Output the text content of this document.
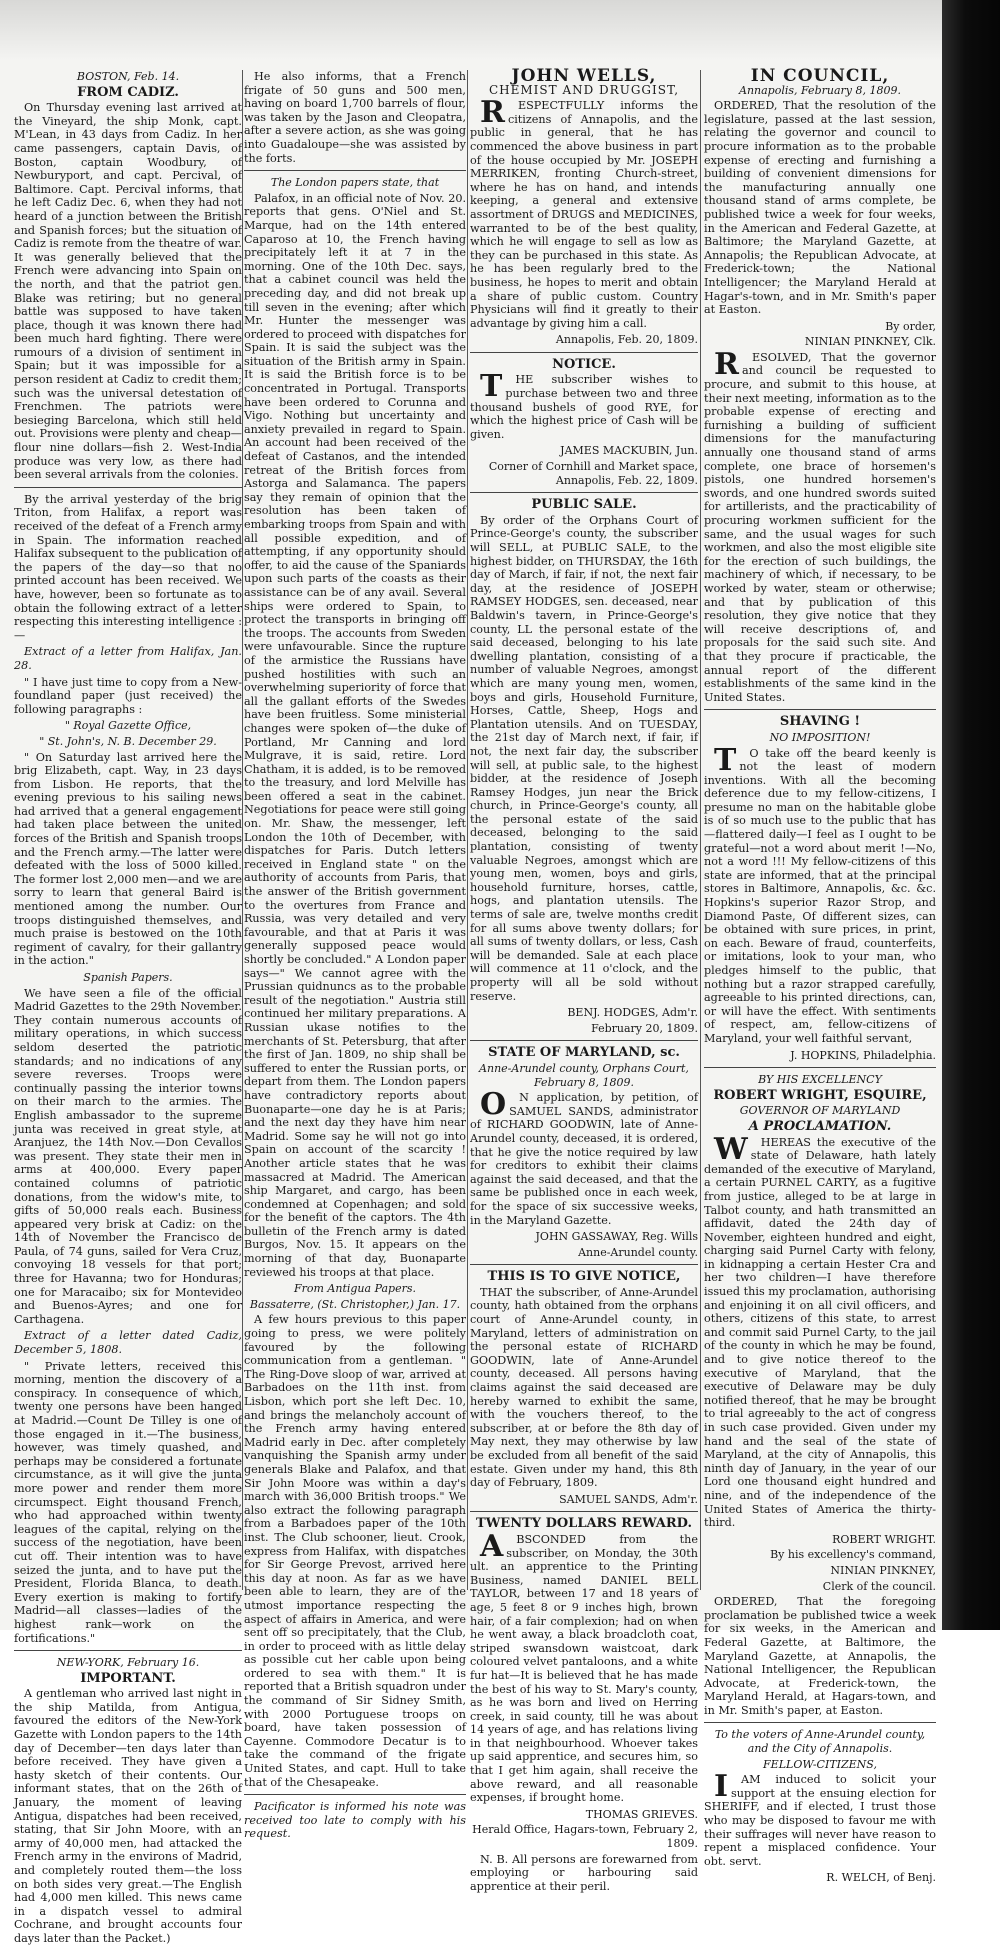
BOSTON, Feb. 14.
FROM CADIZ.

On Thursday evening last arrived at the Vineyard, the ship Monk, capt. M'Lean, in 43 days from Cadiz. In her came passengers, captain Davis, of Boston, captain Woodbury, of Newburyport, and capt. Percival, of Baltimore. Capt. Percival informs, that he left Cadiz Dec. 6, when they had not heard of a junction between the British and Spanish forces; but the situation of Cadiz is remote from the theatre of war. It was generally believed that the French were advancing into Spain on the north, and that the patriot gen. Blake was retiring; but no general battle was supposed to have taken place, though it was known there had been much hard fighting. There were rumours of a division of sentiment in Spain; but it was impossible for a person resident at Cadiz to credit them; such was the universal detestation of Frenchmen. The patriots were besieging Barcelona, which still held out. Provisions were plenty and cheap—flour nine dollars—fish 2. West-India produce was very low, as there had been several arrivals from the colonies.

By the arrival yesterday of the brig Triton, from Halifax, a report was received of the defeat of a French army in Spain. The information reached Halifax subsequent to the publication of the papers of the day—so that no printed account has been received. We have, however, been so fortunate as to obtain the following extract of a letter respecting this interesting intelligence :—

Extract of a letter from Halifax, Jan. 28.

" I have just time to copy from a New-foundland paper (just received) the following paragraphs :

" Royal Gazette Office,
" St. John's, N. B. December 29.

" On Saturday last arrived here the brig Elizabeth, capt. Way, in 23 days from Lisbon. He reports, that the evening previous to his sailing news had arrived that a general engagement had taken place between the united forces of the British and Spanish troops and the French army.—The latter were defeated with the loss of 5000 killed. The former lost 2,000 men—and we are sorry to learn that general Baird is mentioned among the number. Our troops distinguished themselves, and much praise is bestowed on the 10th regiment of cavalry, for their gallantry in the action."

Spanish Papers.

We have seen a file of the official Madrid Gazettes to the 29th November. They contain numerous accounts of military operations, in which success seldom deserted the patriotic standards; and no indications of any severe reverses. Troops were continually passing the interior towns on their march to the armies. The English ambassador to the supreme junta was received in great style, at Aranjuez, the 14th Nov.—Don Cevallos was present. They state their men in arms at 400,000. Every paper contained columns of patriotic donations, from the widow's mite, to gifts of 50,000 reals each. Business appeared very brisk at Cadiz: on the 14th of November the Francisco de Paula, of 74 guns, sailed for Vera Cruz, convoying 18 vessels for that port; three for Havanna; two for Honduras; one for Maracaibo; six for Montevideo and Buenos-Ayres; and one for Carthagena.

Extract of a letter dated Cadiz, December 5, 1808.

" Private letters, received this morning, mention the discovery of a conspiracy. In consequence of which, twenty one persons have been hanged at Madrid.—Count De Tilley is one of those engaged in it.—The business, however, was timely quashed, and perhaps may be considered a fortunate circumstance, as it will give the junta more power and render them more circumspect. Eight thousand French, who had approached within twenty leagues of the capital, relying on the success of the negotiation, have been cut off. Their intention was to have seized the junta, and to have put the President, Florida Blanca, to death. Every exertion is making to fortify Madrid—all classes—ladies of the highest rank—work on the fortifications."

NEW-YORK, February 16.
IMPORTANT.

A gentleman who arrived last night in the ship Matilda, from Antigua, favoured the editors of the New-York Gazette with London papers to the 14th day of December—ten days later than before received. They have given a hasty sketch of their contents. Our informant states, that on the 26th of January, the moment of leaving Antigua, dispatches had been received, stating, that Sir John Moore, with an army of 40,000 men, had attacked the French army in the environs of Madrid, and completely routed them—the loss on both sides very great.—The English had 4,000 men killed. This news came in a dispatch vessel to admiral Cochrane, and brought accounts four days later than the Packet.)

He also informs, that a French frigate of 50 guns and 500 men, having on board 1,700 barrels of flour, was taken by the Jason and Cleopatra, after a severe action, as she was going into Guadaloupe—she was assisted by the forts.

The London papers state, that

Palafox, in an official note of Nov. 20. reports that gens. O'Niel and St. Marque, had on the 14th entered Caparoso at 10, the French having precipitately left it at 7 in the morning. One of the 10th Dec. says, that a cabinet council was held the preceding day, and did not break up till seven in the evening; after which Mr. Hunter the messenger was ordered to proceed with dispatches for Spain. It is said the subject was the situation of the British army in Spain. It is said the British force is to be concentrated in Portugal. Transports have been ordered to Corunna and Vigo. Nothing but uncertainty and anxiety prevailed in regard to Spain. An account had been received of the defeat of Castanos, and the intended retreat of the British forces from Astorga and Salamanca. The papers say they remain of opinion that the resolution has been taken of embarking troops from Spain and with all possible expedition, and of attempting, if any opportunity should offer, to aid the cause of the Spaniards upon such parts of the coasts as their assistance can be of any avail. Several ships were ordered to Spain, to protect the transports in bringing off the troops. The accounts from Sweden were unfavourable. Since the rupture of the armistice the Russians have pushed hostilities with such an overwhelming superiority of force that all the gallant efforts of the Swedes have been fruitless. Some ministerial changes were spoken of—the duke of Portland, Mr Canning and lord Mulgrave, it is said, retire. Lord Chatham, it is added, is to be removed to the treasury, and lord Melville has been offered a seat in the cabinet. Negotiations for peace were still going on. Mr. Shaw, the messenger, left London the 10th of December, with dispatches for Paris. Dutch letters received in England state " on the authority of accounts from Paris, that the answer of the British government to the overtures from France and Russia, was very detailed and very favourable, and that at Paris it was generally supposed peace would shortly be concluded." A London paper says—" We cannot agree with the Prussian quidnuncs as to the probable result of the negotiation." Austria still continued her military preparations. A Russian ukase notifies to the merchants of St. Petersburg, that after the first of Jan. 1809, no ship shall be suffered to enter the Russian ports, or depart from them. The London papers have contradictory reports about Buonaparte—one day he is at Paris; and the next day they have him near Madrid. Some say he will not go into Spain on account of the scarcity ! Another article states that he was massacred at Madrid. The American ship Margaret, and cargo, has been condemned at Copenhagen; and sold for the benefit of the captors. The 4th bulletin of the French army is dated Burgos, Nov. 15. It appears on the morning of that day, Buonaparte reviewed his troops at that place.

From Antigua Papers.
Bassaterre, (St. Christopher,) Jan. 17.

A few hours previous to this paper going to press, we were politely favoured by the following communication from a gentleman. " The Ring-Dove sloop of war, arrived at Barbadoes on the 11th inst. from Lisbon, which port she left Dec. 10, and brings the melancholy account of the French army having entered Madrid early in Dec. after completely vanquishing the Spanish army under generals Blake and Palafox, and that Sir John Moore was within a day's march with 36,000 British troops." We also extract the following paragraph from a Barbadoes paper of the 10th inst. The Club schooner, lieut. Crook, express from Halifax, with dispatches for Sir George Prevost, arrived here this day at noon. As far as we have been able to learn, they are of the utmost importance respecting the aspect of affairs in America, and were sent off so precipitately, that the Club, in order to proceed with as little delay as possible cut her cable upon being ordered to sea with them." It is reported that a British squadron under the command of Sir Sidney Smith, with 2000 Portuguese troops on board, have taken possession of Cayenne. Commodore Decatur is to take the command of the frigate United States, and capt. Hull to take that of the Chesapeake.

Pacificator is informed his note was received too late to comply with his request.

JOHN WELLS,
CHEMIST AND DRUGGIST,

R ESPECTFULLY informs the citizens of Annapolis, and the public in general, that he has commenced the above business in part of the house occupied by Mr. JOSEPH MERRIKEN, fronting Church-street, where he has on hand, and intends keeping, a general and extensive assortment of DRUGS and MEDICINES, warranted to be of the best quality, which he will engage to sell as low as they can be purchased in this state. As he has been regularly bred to the business, he hopes to merit and obtain a share of public custom. Country Physicians will find it greatly to their advantage by giving him a call.

Annapolis, Feb. 20, 1809.
NOTICE.

T HE subscriber wishes to purchase between two and three thousand bushels of good RYE, for which the highest price of Cash will be given.

JAMES MACKUBIN, Jun.
Corner of Cornhill and Market space, Annapolis, Feb. 22, 1809.
PUBLIC SALE.

By order of the Orphans Court of Prince-George's county, the subscriber will SELL, at PUBLIC SALE, to the highest bidder, on THURSDAY, the 16th day of March, if fair, if not, the next fair day, at the residence of JOSEPH RAMSEY HODGES, sen. deceased, near Baldwin's tavern, in Prince-George's county, LL the personal estate of the said deceased, belonging to his late dwelling plantation, consisting of a number of valuable Negroes, amongst which are many young men, women, boys and girls, Household Furniture, Horses, Cattle, Sheep, Hogs and Plantation utensils. And on TUESDAY, the 21st day of March next, if fair, if not, the next fair day, the subscriber will sell, at public sale, to the highest bidder, at the residence of Joseph Ramsey Hodges, jun near the Brick church, in Prince-George's county, all the personal estate of the said deceased, belonging to the said plantation, consisting of twenty valuable Negroes, amongst which are young men, women, boys and girls, household furniture, horses, cattle, hogs, and plantation utensils. The terms of sale are, twelve months credit for all sums above twenty dollars; for all sums of twenty dollars, or less, Cash will be demanded. Sale at each place will commence at 11 o'clock, and the property will all be sold without reserve.

BENJ. HODGES, Adm'r.
February 20, 1809.
STATE OF MARYLAND, sc.
Anne-Arundel county, Orphans Court, February 8, 1809.

O N application, by petition, of SAMUEL SANDS, administrator of RICHARD GOODWIN, late of Anne-Arundel county, deceased, it is ordered, that he give the notice required by law for creditors to exhibit their claims against the said deceased, and that the same be published once in each week, for the space of six successive weeks, in the Maryland Gazette.

JOHN GASSAWAY, Reg. Wills
Anne-Arundel county.
THIS IS TO GIVE NOTICE,

THAT the subscriber, of Anne-Arundel county, hath obtained from the orphans court of Anne-Arundel county, in Maryland, letters of administration on the personal estate of RICHARD GOODWIN, late of Anne-Arundel county, deceased. All persons having claims against the said deceased are hereby warned to exhibit the same, with the vouchers thereof, to the subscriber, at or before the 8th day of May next, they may otherwise by law be excluded from all benefit of the said estate. Given under my hand, this 8th day of February, 1809.

SAMUEL SANDS, Adm'r.
TWENTY DOLLARS REWARD.

A BSCONDED from the subscriber, on Monday, the 30th ult. an apprentice to the Printing Business, named DANIEL BELL TAYLOR, between 17 and 18 years of age, 5 feet 8 or 9 inches high, brown hair, of a fair complexion; had on when he went away, a black broadcloth coat, striped swansdown waistcoat, dark coloured velvet pantaloons, and a white fur hat—It is believed that he has made the best of his way to St. Mary's county, as he was born and lived on Herring creek, in said county, till he was about 14 years of age, and has relations living in that neighbourhood. Whoever takes up said apprentice, and secures him, so that I get him again, shall receive the above reward, and all reasonable expenses, if brought home.

THOMAS GRIEVES.
Herald Office, Hagars-town, February 2, 1809.

N. B. All persons are forewarned from employing or harbouring said apprentice at their peril.

IN COUNCIL,
Annapolis, February 8, 1809.

ORDERED, That the resolution of the legislature, passed at the last session, relating the governor and council to procure information as to the probable expense of erecting and furnishing a building of convenient dimensions for the manufacturing annually one thousand stand of arms complete, be published twice a week for four weeks, in the American and Federal Gazette, at Baltimore; the Maryland Gazette, at Annapolis; the Republican Advocate, at Frederick-town; the National Intelligencer; the Maryland Herald at Hagar's-town, and in Mr. Smith's paper at Easton.

By order,
NINIAN PINKNEY, Clk.

R ESOLVED, That the governor and council be requested to procure, and submit to this house, at their next meeting, information as to the probable expense of erecting and furnishing a building of sufficient dimensions for the manufacturing annually one thousand stand of arms complete, one brace of horsemen's pistols, one hundred horsemen's swords, and one hundred swords suited for artillerists, and the practicability of procuring workmen sufficient for the same, and the usual wages for such workmen, and also the most eligible site for the erection of such buildings, the machinery of which, if necessary, to be worked by water, steam or otherwise; and that by publication of this resolution, they give notice that they will receive descriptions of, and proposals for the said such site. And that they procure if practicable, the annual report of the different establishments of the same kind in the United States.

SHAVING !
NO IMPOSITION!

T O take off the beard keenly is not the least of modern inventions. With all the becoming deference due to my fellow-citizens, I presume no man on the habitable globe is of so much use to the public that has—flattered daily—I feel as I ought to be grateful—not a word about merit !—No, not a word !!! My fellow-citizens of this state are informed, that at the principal stores in Baltimore, Annapolis, &c. &c. Hopkins's superior Razor Strop, and Diamond Paste, Of different sizes, can be obtained with sure prices, in print, on each. Beware of fraud, counterfeits, or imitations, look to your man, who pledges himself to the public, that nothing but a razor strapped carefully, agreeable to his printed directions, can, or will have the effect. With sentiments of respect, am, fellow-citizens of Maryland, your well faithful servant,

J. HOPKINS, Philadelphia.
BY HIS EXCELLENCY
ROBERT WRIGHT, ESQUIRE,
GOVERNOR OF MARYLAND
A PROCLAMATION.

W HEREAS the executive of the state of Delaware, hath lately demanded of the executive of Maryland, a certain PURNEL CARTY, as a fugitive from justice, alleged to be at large in Talbot county, and hath transmitted an affidavit, dated the 24th day of November, eighteen hundred and eight, charging said Purnel Carty with felony, in kidnapping a certain Hester Cra and her two children—I have therefore issued this my proclamation, authorising and enjoining it on all civil officers, and others, citizens of this state, to arrest and commit said Purnel Carty, to the jail of the county in which he may be found, and to give notice thereof to the executive of Maryland, that the executive of Delaware may be duly notified thereof, that he may be brought to trial agreeably to the act of congress in such case provided. Given under my hand and the seal of the state of Maryland, at the city of Annapolis, this ninth day of January, in the year of our Lord one thousand eight hundred and nine, and of the independence of the United States of America the thirty-third.

ROBERT WRIGHT.
By his excellency's command,
NINIAN PINKNEY,
Clerk of the council.

ORDERED, That the foregoing proclamation be published twice a week for six weeks, in the American and Federal Gazette, at Baltimore, the Maryland Gazette, at Annapolis, the National Intelligencer, the Republican Advocate, at Frederick-town, the Maryland Herald, at Hagars-town, and in Mr. Smith's paper, at Easton.

To the voters of Anne-Arundel county, and the City of Annapolis.
FELLOW-CITIZENS,

I AM induced to solicit your support at the ensuing election for SHERIFF, and if elected, I trust those who may be disposed to favour me with their suffrages will never have reason to repent a misplaced confidence. Your obt. servt.

R. WELCH, of Benj.
